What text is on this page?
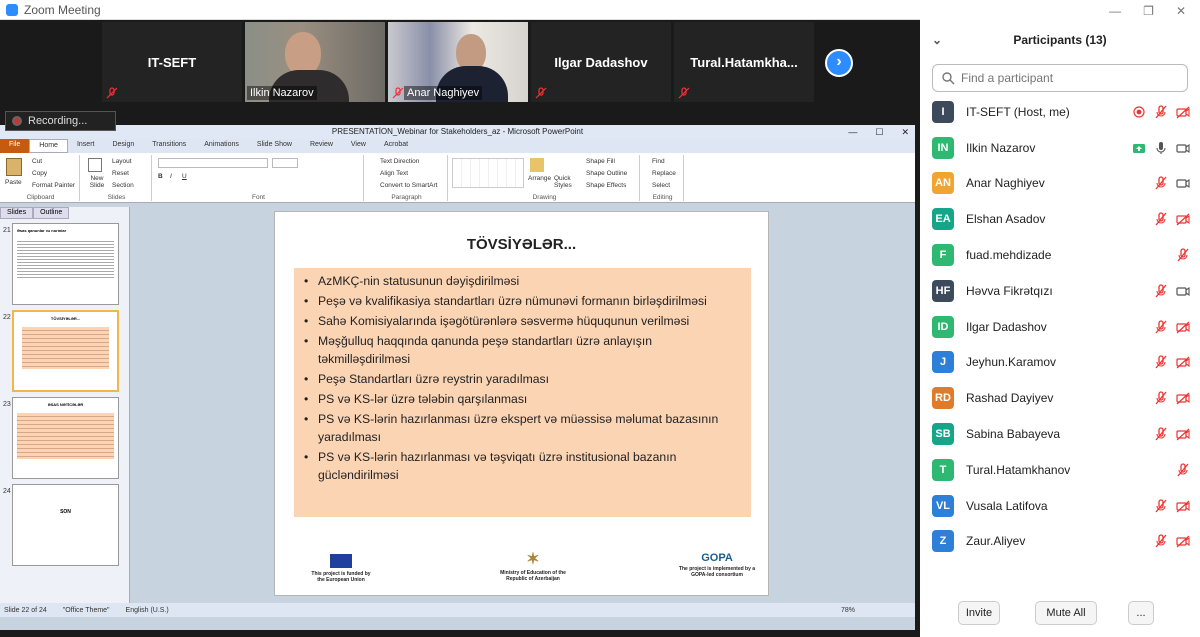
Zoom Meeting
IT-SEFT
Ilkin Nazarov	Anar Naghiyev
Ilgar Dadashov	Tural.Hatamkha...	›
PRESENTATİON_Webinar for Stakeholders_az - Microsoft PowerPoint	— ☐ ✕
File	Home	Insert	Design	Transitions	Animations	Slide Show	Review	View	Acrobat
Paste
Cut
Copy
Format Painter
Clipboard
New Slide
Layout
Reset
Section
Slides
B I U
Font
Text Direction
Align Text
Convert to SmartArt
Paragraph
Arrange Quick Styles
Shape Fill
Shape Outline
Shape Effects
Drawing
Find
Replace
Select
Editing
Slides	Outline
21	Əsas qanunlar və normlar
22	TÖVSİYƏLƏR...
23	ƏSAS NƏTİCƏLƏR
24
SON
TÖVSİYƏLƏR...
• AzMKÇ-nin statusunun dəyişdirilməsi
• Peşə və kvalifikasiya standartları üzrə nümunəvi formanın birləşdirilməsi
• Sahə Komisiyalarında işəgötürənlərə səsvermə hüququnun verilməsi
• Məşğulluq haqqında qanunda peşə standartları üzrə anlayışın təkmilləşdirilməsi
• Peşə Standartları üzrə reystrin yaradılması
• PS və KS-lər üzrə tələbin qarşılanması
• PS və KS-lərin hazırlanması üzrə ekspert və müəssisə məlumat bazasının yaradılması
• PS və KS-lərin hazırlanması və təşviqatı üzrə institusional bazanın gücləndirilməsi
This project is funded by the European Union
✶
Ministry of Education of the Republic of Azerbaijan
GOPA
The project is implemented by a GOPA-led consortium
Slide 22 of 24 "Office Theme" English (U.S.)	78%
Recording...
— ❐ ✕
⌄	Participants (13)
Find a participant
I	IT-SEFT (Host, me)
IN	Ilkin Nazarov
AN Anar Naghiyev
EA Elshan Asadov
F	fuad.mehdizade
HF	Həvva Fikrətqızı
ID	Ilgar Dadashov
J	Jeyhun.Karamov
RD Rashad Dayiyev
SB Sabina Babayeva
T	Tural.Hatamkhanov
VL	Vusala Latifova
Z	Zaur.Aliyev
Invite	Mute All	...
